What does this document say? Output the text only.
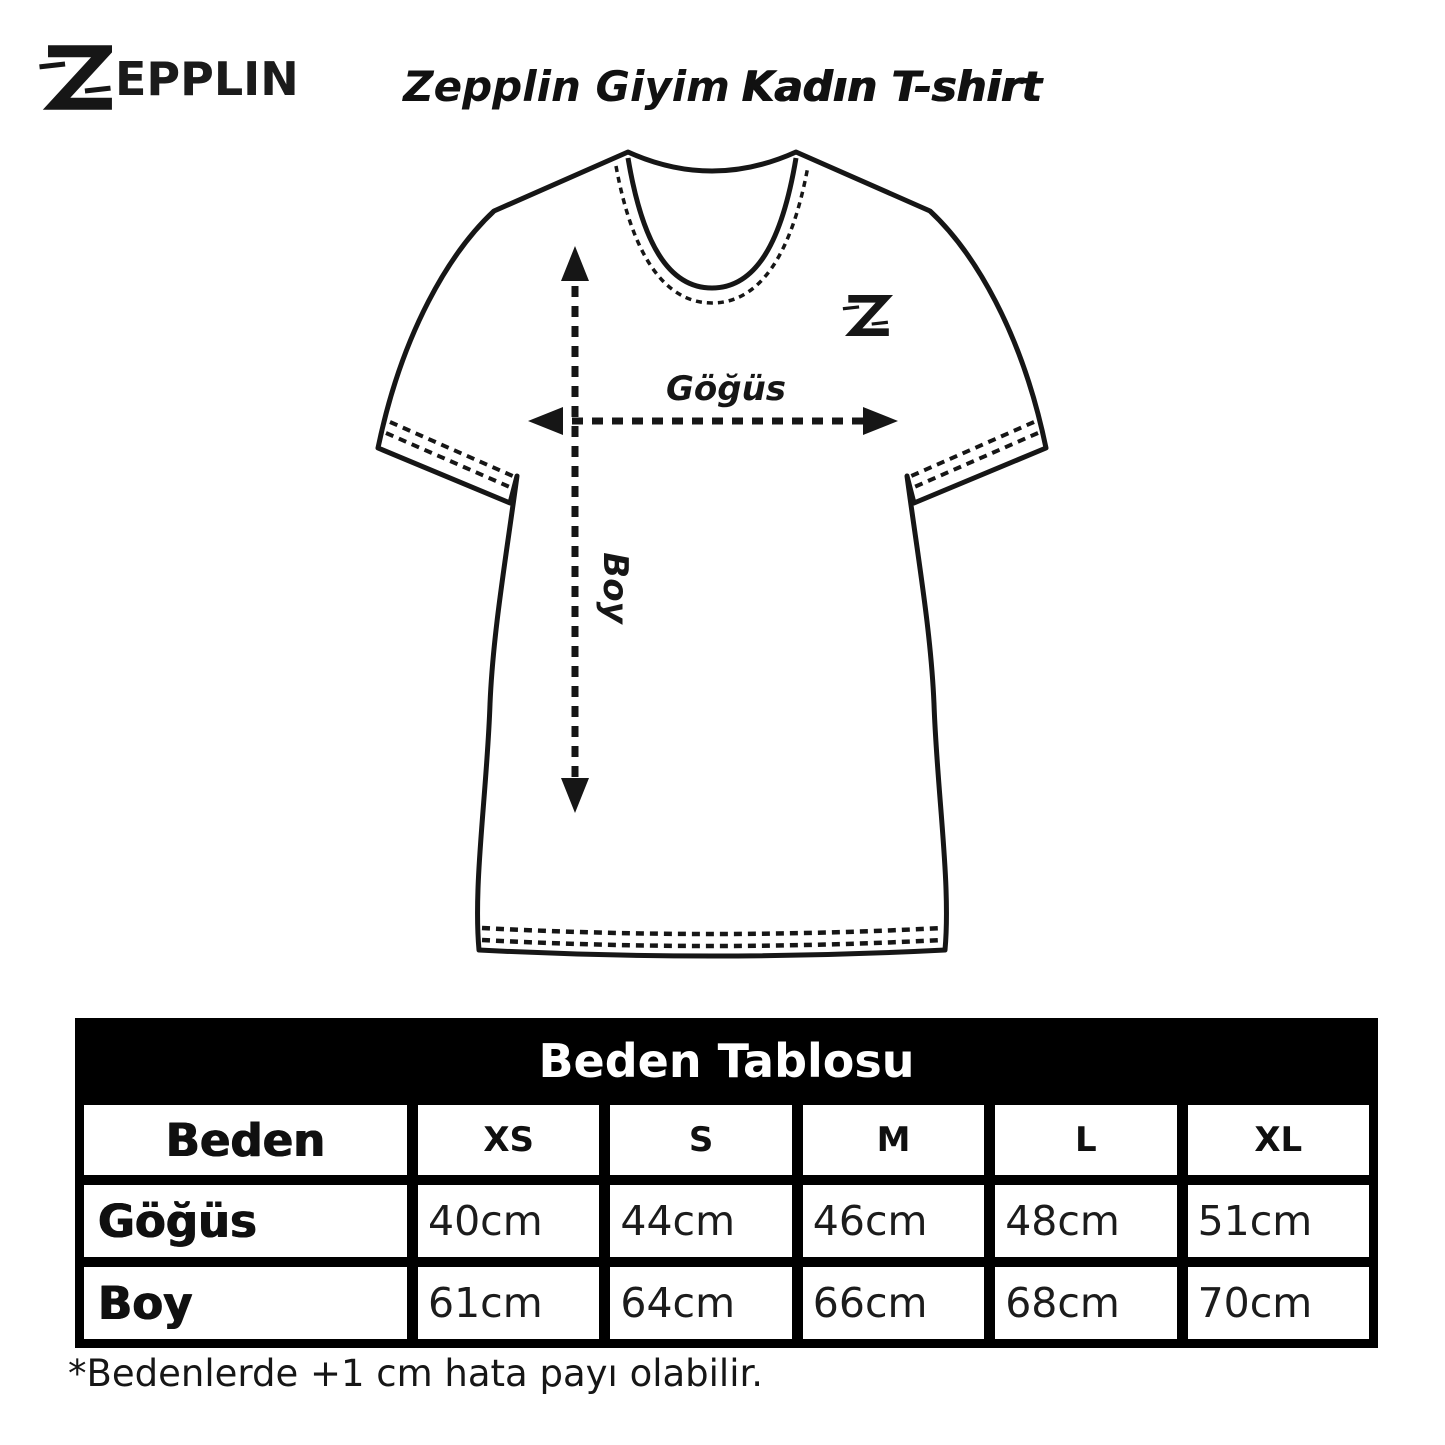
EPPLIN	Zepplin Giyim Kadın T-shirt
Göğüs
Boy
Beden Tablosu
Beden	XS	S	M	L	XL
Göğüs	40cm	44cm	46cm	48cm	51cm
Boy	61cm	64cm	66cm	68cm	70cm

*Bedenlerde +1 cm hata payı olabilir.
